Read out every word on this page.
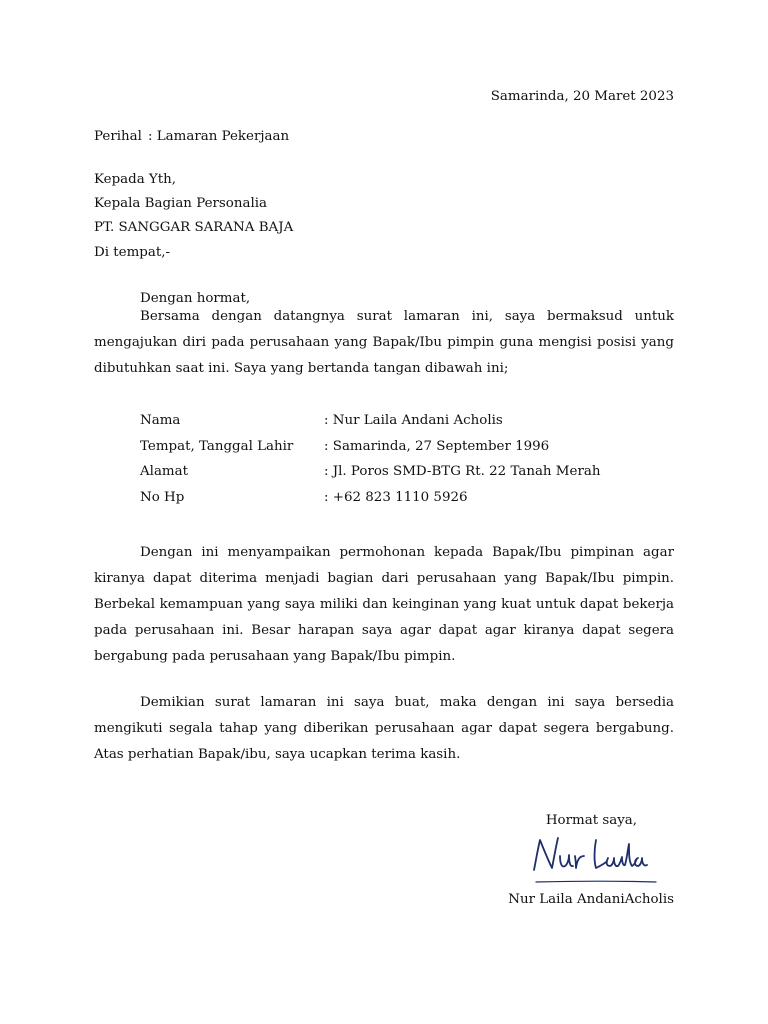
Samarinda, 20 Maret 2023
Perihal : Lamaran Pekerjaan
Kepada Yth,
Kepala Bagian Personalia
PT. SANGGAR SARANA BAJA
Di tempat,-
Dengan hormat,
Bersama dengan datangnya surat lamaran ini, saya bermaksud untuk mengajukan diri pada perusahaan yang Bapak/Ibu pimpin guna mengisi posisi yang dibutuhkan saat ini. Saya yang bertanda tangan dibawah ini;
Nama	: Nur Laila Andani Acholis
Tempat, Tanggal Lahir	: Samarinda, 27 September 1996
Alamat	: Jl. Poros SMD-BTG Rt. 22 Tanah Merah
No Hp	: +62 823 1110 5926
Dengan ini menyampaikan permohonan kepada Bapak/Ibu pimpinan agar kiranya dapat diterima menjadi bagian dari perusahaan yang Bapak/Ibu pimpin. Berbekal kemampuan yang saya miliki dan keinginan yang kuat untuk dapat bekerja pada perusahaan ini. Besar harapan saya agar dapat agar kiranya dapat segera bergabung pada perusahaan yang Bapak/Ibu pimpin.
Demikian surat lamaran ini saya buat, maka dengan ini saya bersedia mengikuti segala tahap yang diberikan perusahaan agar dapat segera bergabung. Atas perhatian Bapak/ibu, saya ucapkan terima kasih.
Hormat saya,
Nur Laila AndaniAcholis
